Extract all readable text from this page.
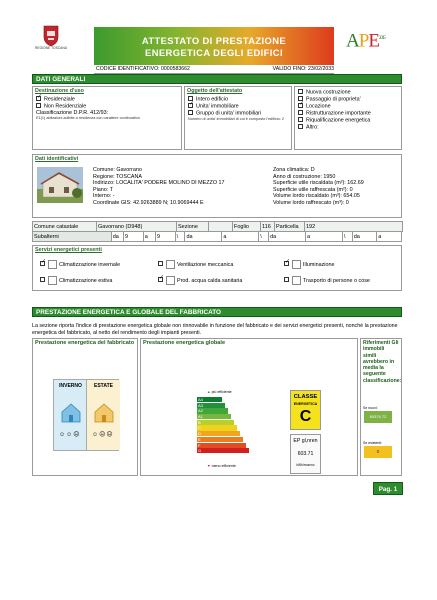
REGIONE TOSCANA
ATTESTATO DI PRESTAZIONE
ENERGETICA DEGLI EDIFICI
CODICE IDENTIFICATIVO: 0000583662	VALIDO FINO: 23/02/2033
$APE^{2015}$
DATI GENERALI
Destinazione d'uso
✓Residenziale
Non Residenziale
Classificazione D.P.R. 412/93:
E1(1) abitazioni adibite a residenza con carattere continuativo
Oggetto dell'attestato
Intero edificio
✓Unita' immobiliare
Gruppo di unita' immobiliari
Numero di unita' immobiliari di cui è composto l'edificio: 2
Nuova costruzione
Passaggio di proprieta'
✓Locazione
Ristrutturazione importante
Riqualificazione energetica
Altro:
Dati identificativi
Comune: Gavorrano
Regione: TOSCANA
Indirizzo: LOCALITA' PODERE MOLINO DI MEZZO 17
Piano: T
Interno: -
Coordinate GIS: 42.9263889 N; 10.9069444 E
Zona climatica: D
Anno di costruzione: 1950
Superficie utile riscaldata (m²): 162.69
Superficie utile raffrescata (m²): 0
Volume lordo riscaldato (m³): 654.05
Volume lordo raffrescato (m³): 0
Comune catastale	Gavorrano (D948)	Sezione		Foglio	116	Particella	192
Subalterni	da	9	a	9	\	da	a	\	da	a	\	da	a
Servizi energetici presenti
✓Climatizzazione invernale	Ventilazione meccanica ✓	Illuminazione
Climatizzazione estiva ✓	Prod. acqua calda sanitaria	Trasporto di persone o cose
PRESTAZIONE ENERGETICA E GLOBALE DEL FABBRICATO
La sezione riporta l'indice di prestazione energetica globale non rinnovabile in funzione del fabbricato e dei servizi energetici presenti, nonché la prestazione energetica del fabbricato, al netto del rendimento degli impianti presenti.
Prestazione energetica del fabbricato
INVERNO	ESTATE
☺☺☹ ☺☹☹
Prestazione energetica globale
▲ più efficiente
A4
A3
A2
A1
B
C
D
E
F
G
▼ meno efficiente
CLASSE
ENERGETICA
C
EP gl,nren
603.71
kWh/m²anno
Riferimenti Gli immobili simili avrebbero in media la seguente classificazione:
Se nuovi:
60374.72
Se esistenti:
0
Pag. 1
